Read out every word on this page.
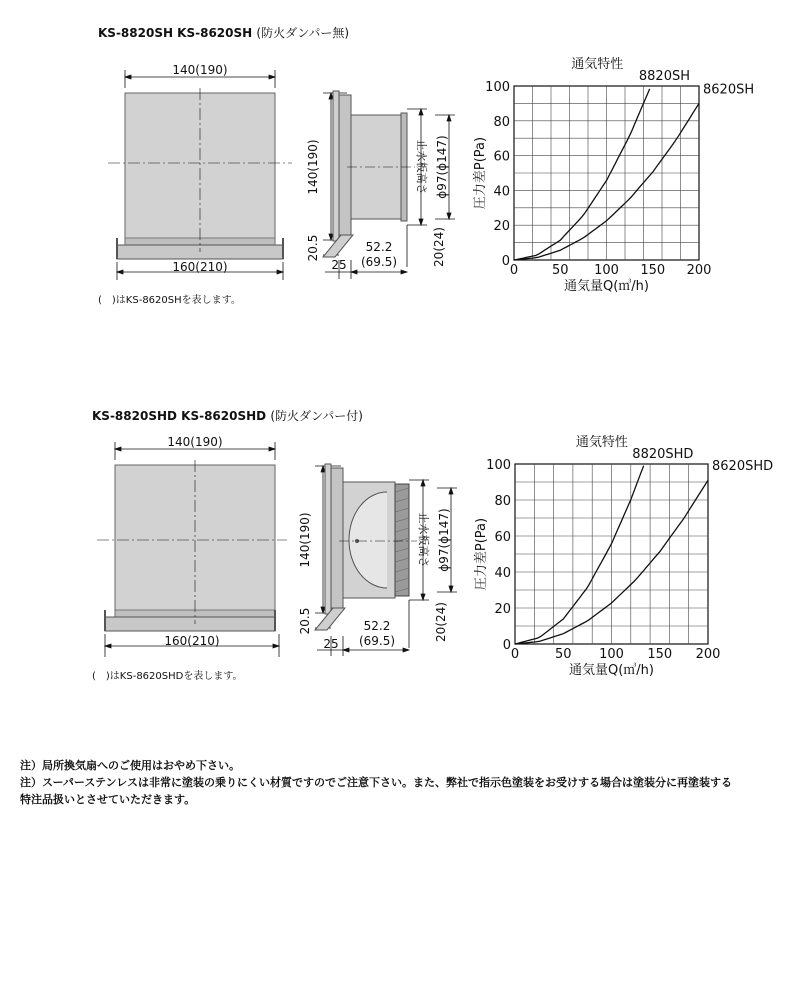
KS-8820SH KS-8620SH (防火ダンパー無)
140(190)
160(210)
140(190)
20.5
止水板高さ ϕ97(ϕ147)
20(24)
52.2
(69.5)
25
(　)はKS-8620SHを表します。
0	50 100 150 200
0
20
40
60
80
100
8820SH
8620SH
通気特性
通気量Q(㎥/h)
圧力差P(Pa)
KS-8820SHD KS-8620SHD (防火ダンパー付)
140(190)
160(210)
140(190)
20.5
止水板高さ ϕ97(ϕ147)
20(24)
52.2
(69.5)
25
(　)はKS-8620SHDを表します。
0	50 100 150 200
0
20
40
60
80
100
8820SHD
8620SHD
通気特性
通気量Q(㎥/h)
圧力差P(Pa)
注）局所換気扇へのご使用はおやめ下さい。
注）スーパーステンレスは非常に塗装の乗りにくい材質ですのでご注意下さい。また、弊社で指示色塗装をお受けする場合は塗装分に再塗装する
特注品扱いとさせていただきます。
